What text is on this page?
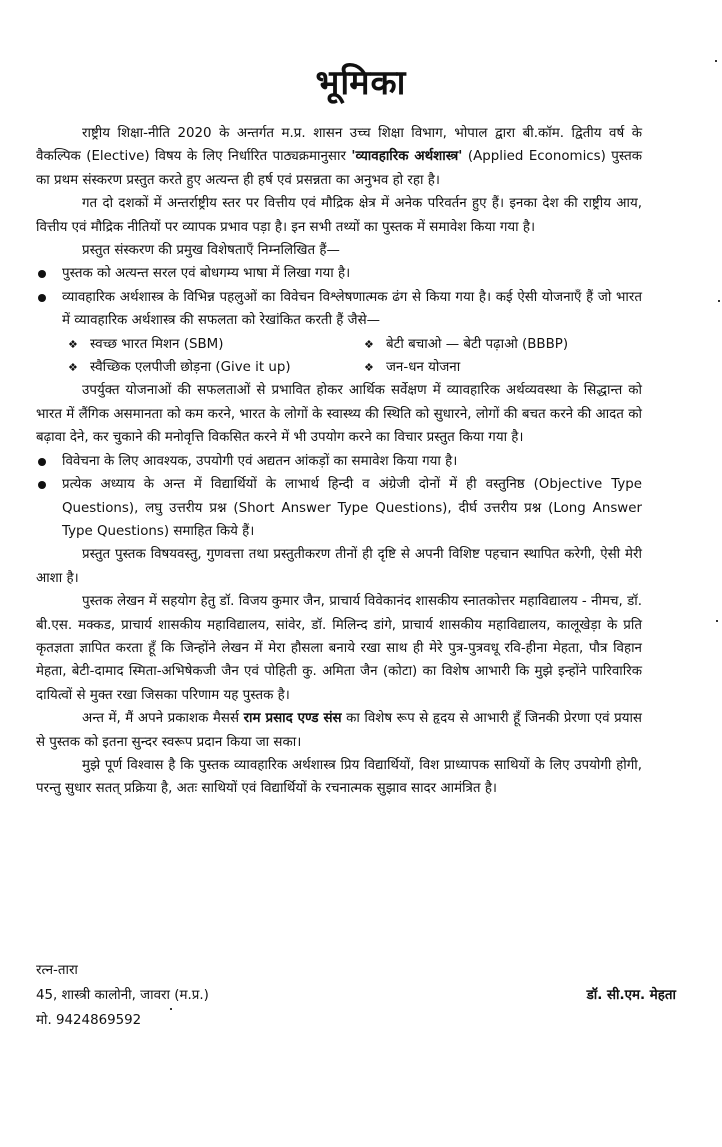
भूमिका

राष्ट्रीय शिक्षा-नीति 2020 के अन्तर्गत म.प्र. शासन उच्च शिक्षा विभाग, भोपाल द्वारा बी.कॉम. द्वितीय वर्ष के वैकल्पिक (Elective) विषय के लिए निर्धारित पाठ्यक्रमानुसार 'व्यावहारिक अर्थशास्त्र' (Applied Economics) पुस्तक का प्रथम संस्करण प्रस्तुत करते हुए अत्यन्त ही हर्ष एवं प्रसन्नता का अनुभव हो रहा है।

गत दो दशकों में अन्तर्राष्ट्रीय स्तर पर वित्तीय एवं मौद्रिक क्षेत्र में अनेक परिवर्तन हुए हैं। इनका देश की राष्ट्रीय आय, वित्तीय एवं मौद्रिक नीतियों पर व्यापक प्रभाव पड़ा है। इन सभी तथ्यों का पुस्तक में समावेश किया गया है।

प्रस्तुत संस्करण की प्रमुख विशेषताएँ निम्नलिखित हैं—

पुस्तक को अत्यन्त सरल एवं बोधगम्य भाषा में लिखा गया है।
व्यावहारिक अर्थशास्त्र के विभिन्न पहलुओं का विवेचन विश्लेषणात्मक ढंग से किया गया है। कई ऐसी योजनाएँ हैं जो भारत में व्यावहारिक अर्थशास्त्र की सफलता को रेखांकित करती हैं जैसे—
❖ स्वच्छ भारत मिशन (SBM)	❖ बेटी बचाओ — बेटी पढ़ाओ (BBBP)
❖ स्वैच्छिक एलपीजी छोड़ना (Give it up)	❖ जन-धन योजना

उपर्युक्त योजनाओं की सफलताओं से प्रभावित होकर आर्थिक सर्वेक्षण में व्यावहारिक अर्थव्यवस्था के सिद्धान्त को भारत में लैंगिक असमानता को कम करने, भारत के लोगों के स्वास्थ्य की स्थिति को सुधारने, लोगों की बचत करने की आदत को बढ़ावा देने, कर चुकाने की मनोवृत्ति विकसित करने में भी उपयोग करने का विचार प्रस्तुत किया गया है।

विवेचना के लिए आवश्यक, उपयोगी एवं अद्यतन आंकड़ों का समावेश किया गया है।
प्रत्येक अध्याय के अन्त में विद्यार्थियों के लाभार्थ हिन्दी व अंग्रेजी दोनों में ही वस्तुनिष्ठ (Objective Type Questions), लघु उत्तरीय प्रश्न (Short Answer Type Questions), दीर्घ उत्तरीय प्रश्न (Long Answer Type Questions) समाहित किये हैं।

प्रस्तुत पुस्तक विषयवस्तु, गुणवत्ता तथा प्रस्तुतीकरण तीनों ही दृष्टि से अपनी विशिष्ट पहचान स्थापित करेगी, ऐसी मेरी आशा है।

पुस्तक लेखन में सहयोग हेतु डॉ. विजय कुमार जैन, प्राचार्य विवेकानंद शासकीय स्नातकोत्तर महाविद्यालय - नीमच, डॉ. बी.एस. मक्कड, प्राचार्य शासकीय महाविद्यालय, सांवेर, डॉ. मिलिन्द डांगे, प्राचार्य शासकीय महाविद्यालय, कालूखेड़ा के प्रति कृतज्ञता ज्ञापित करता हूँ कि जिन्होंने लेखन में मेरा हौसला बनाये रखा साथ ही मेरे पुत्र-पुत्रवधू रवि-हीना मेहता, पौत्र विहान मेहता, बेटी-दामाद स्मिता-अभिषेकजी जैन एवं पोहिती कु. अमिता जैन (कोटा) का विशेष आभारी कि मुझे इन्होंने पारिवारिक दायित्वों से मुक्त रखा जिसका परिणाम यह पुस्तक है।

अन्त में, मैं अपने प्रकाशक मैसर्स राम प्रसाद एण्ड संस का विशेष रूप से हृदय से आभारी हूँ जिनकी प्रेरणा एवं प्रयास से पुस्तक को इतना सुन्दर स्वरूप प्रदान किया जा सका।

मुझे पूर्ण विश्वास है कि पुस्तक व्यावहारिक अर्थशास्त्र प्रिय विद्यार्थियों, विश प्राध्यापक साथियों के लिए उपयोगी होगी, परन्तु सुधार सतत् प्रक्रिया है, अतः साथियों एवं विद्यार्थियों के रचनात्मक सुझाव सादर आमंत्रित है।

रत्न-तारा
45, शास्त्री कालोनी, जावरा (म.प्र.)
मो. 9424869592
डॉ. सी.एम. मेहता
